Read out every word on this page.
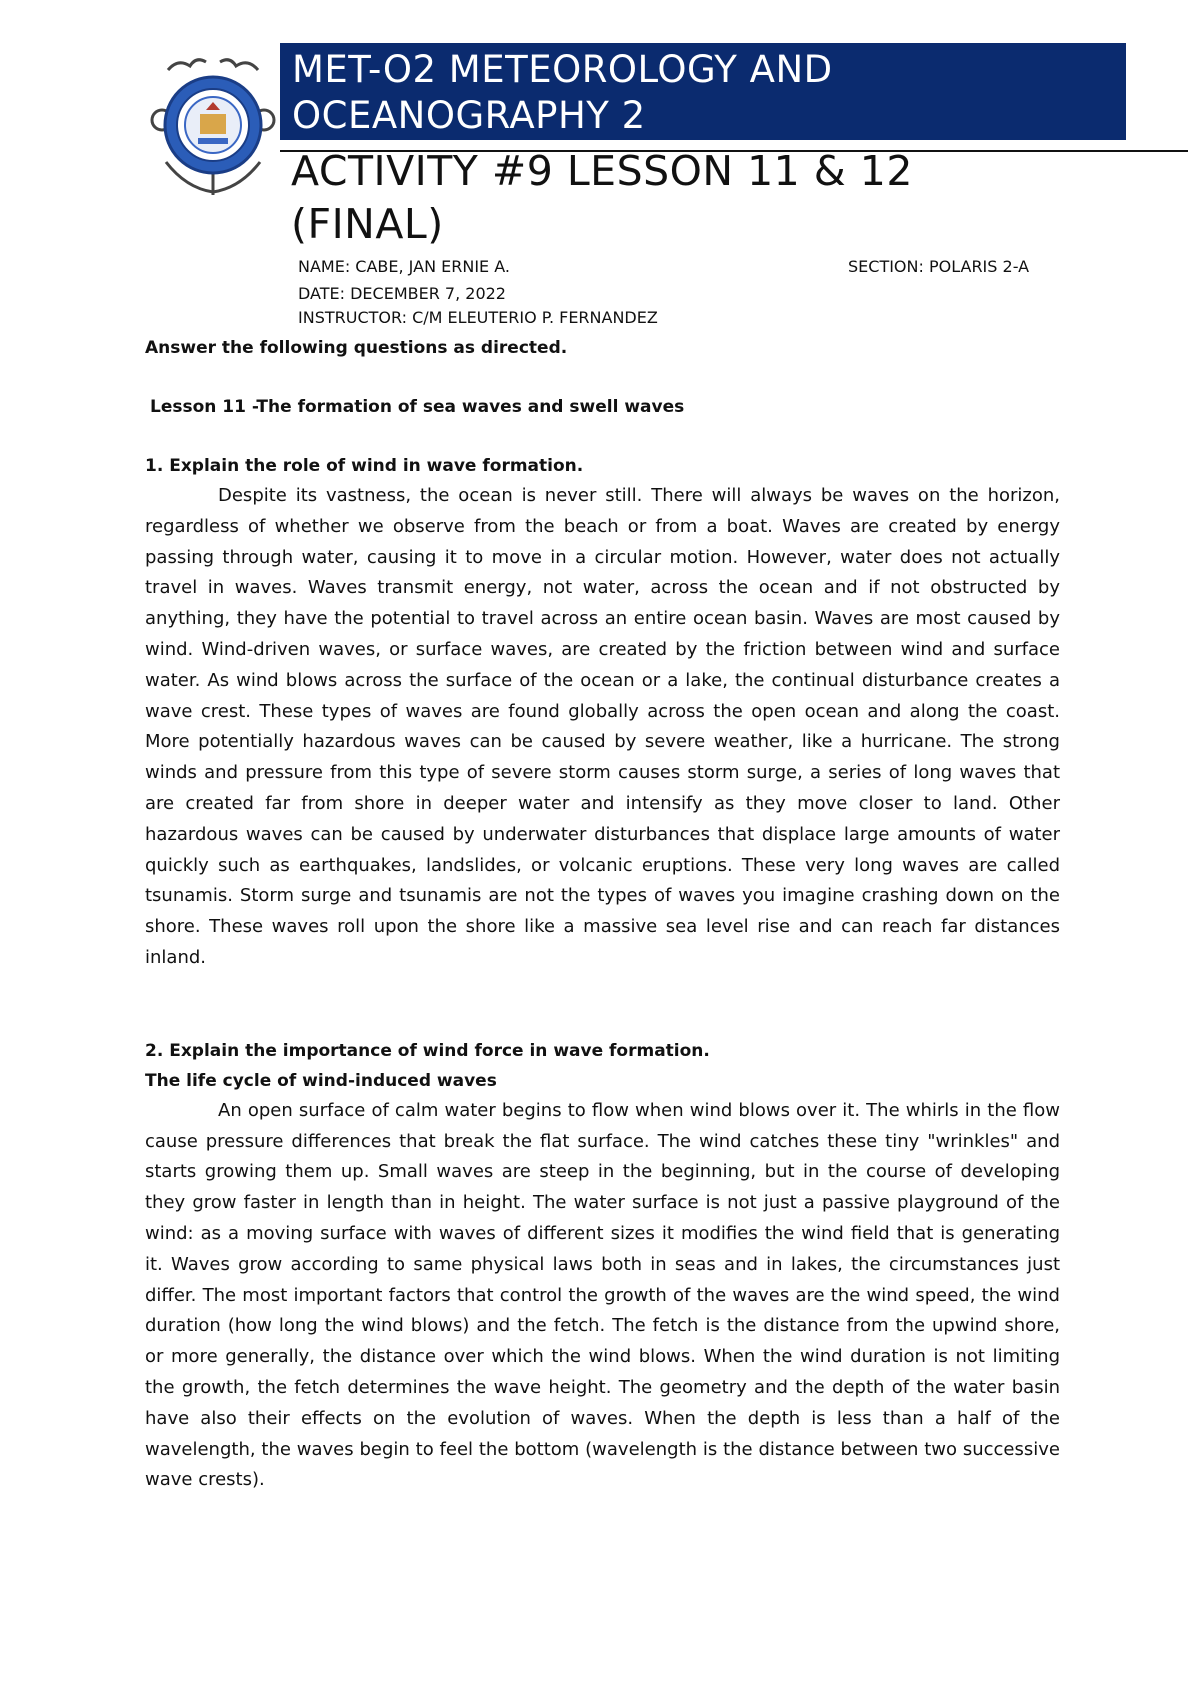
MET-O2 METEOROLOGY AND OCEANOGRAPHY 2
ACTIVITY #9 LESSON 11 & 12 (FINAL)
NAME: CABE, JAN ERNIE A.	SECTION: POLARIS 2-A
DATE: DECEMBER 7, 2022
INSTRUCTOR: C/M ELEUTERIO P. FERNANDEZ
Answer the following questions as directed.
Lesson 11 -The formation of sea waves and swell waves
1. Explain the role of wind in wave formation.

Despite its vastness, the ocean is never still. There will always be waves on the horizon, regardless of whether we observe from the beach or from a boat. Waves are created by energy passing through water, causing it to move in a circular motion. However, water does not actually travel in waves. Waves transmit energy, not water, across the ocean and if not obstructed by anything, they have the potential to travel across an entire ocean basin. Waves are most caused by wind. Wind-driven waves, or surface waves, are created by the friction between wind and surface water. As wind blows across the surface of the ocean or a lake, the continual disturbance creates a wave crest. These types of waves are found globally across the open ocean and along the coast. More potentially hazardous waves can be caused by severe weather, like a hurricane. The strong winds and pressure from this type of severe storm causes storm surge, a series of long waves that are created far from shore in deeper water and intensify as they move closer to land. Other hazardous waves can be caused by underwater disturbances that displace large amounts of water quickly such as earthquakes, landslides, or volcanic eruptions. These very long waves are called tsunamis. Storm surge and tsunamis are not the types of waves you imagine crashing down on the shore. These waves roll upon the shore like a massive sea level rise and can reach far distances inland.

2. Explain the importance of wind force in wave formation.
The life cycle of wind-induced waves

An open surface of calm water begins to flow when wind blows over it. The whirls in the flow cause pressure differences that break the flat surface. The wind catches these tiny "wrinkles" and starts growing them up. Small waves are steep in the beginning, but in the course of developing they grow faster in length than in height. The water surface is not just a passive playground of the wind: as a moving surface with waves of different sizes it modifies the wind field that is generating it. Waves grow according to same physical laws both in seas and in lakes, the circumstances just differ. The most important factors that control the growth of the waves are the wind speed, the wind duration (how long the wind blows) and the fetch. The fetch is the distance from the upwind shore, or more generally, the distance over which the wind blows. When the wind duration is not limiting the growth, the fetch determines the wave height. The geometry and the depth of the water basin have also their effects on the evolution of waves. When the depth is less than a half of the wavelength, the waves begin to feel the bottom (wavelength is the distance between two successive wave crests).
